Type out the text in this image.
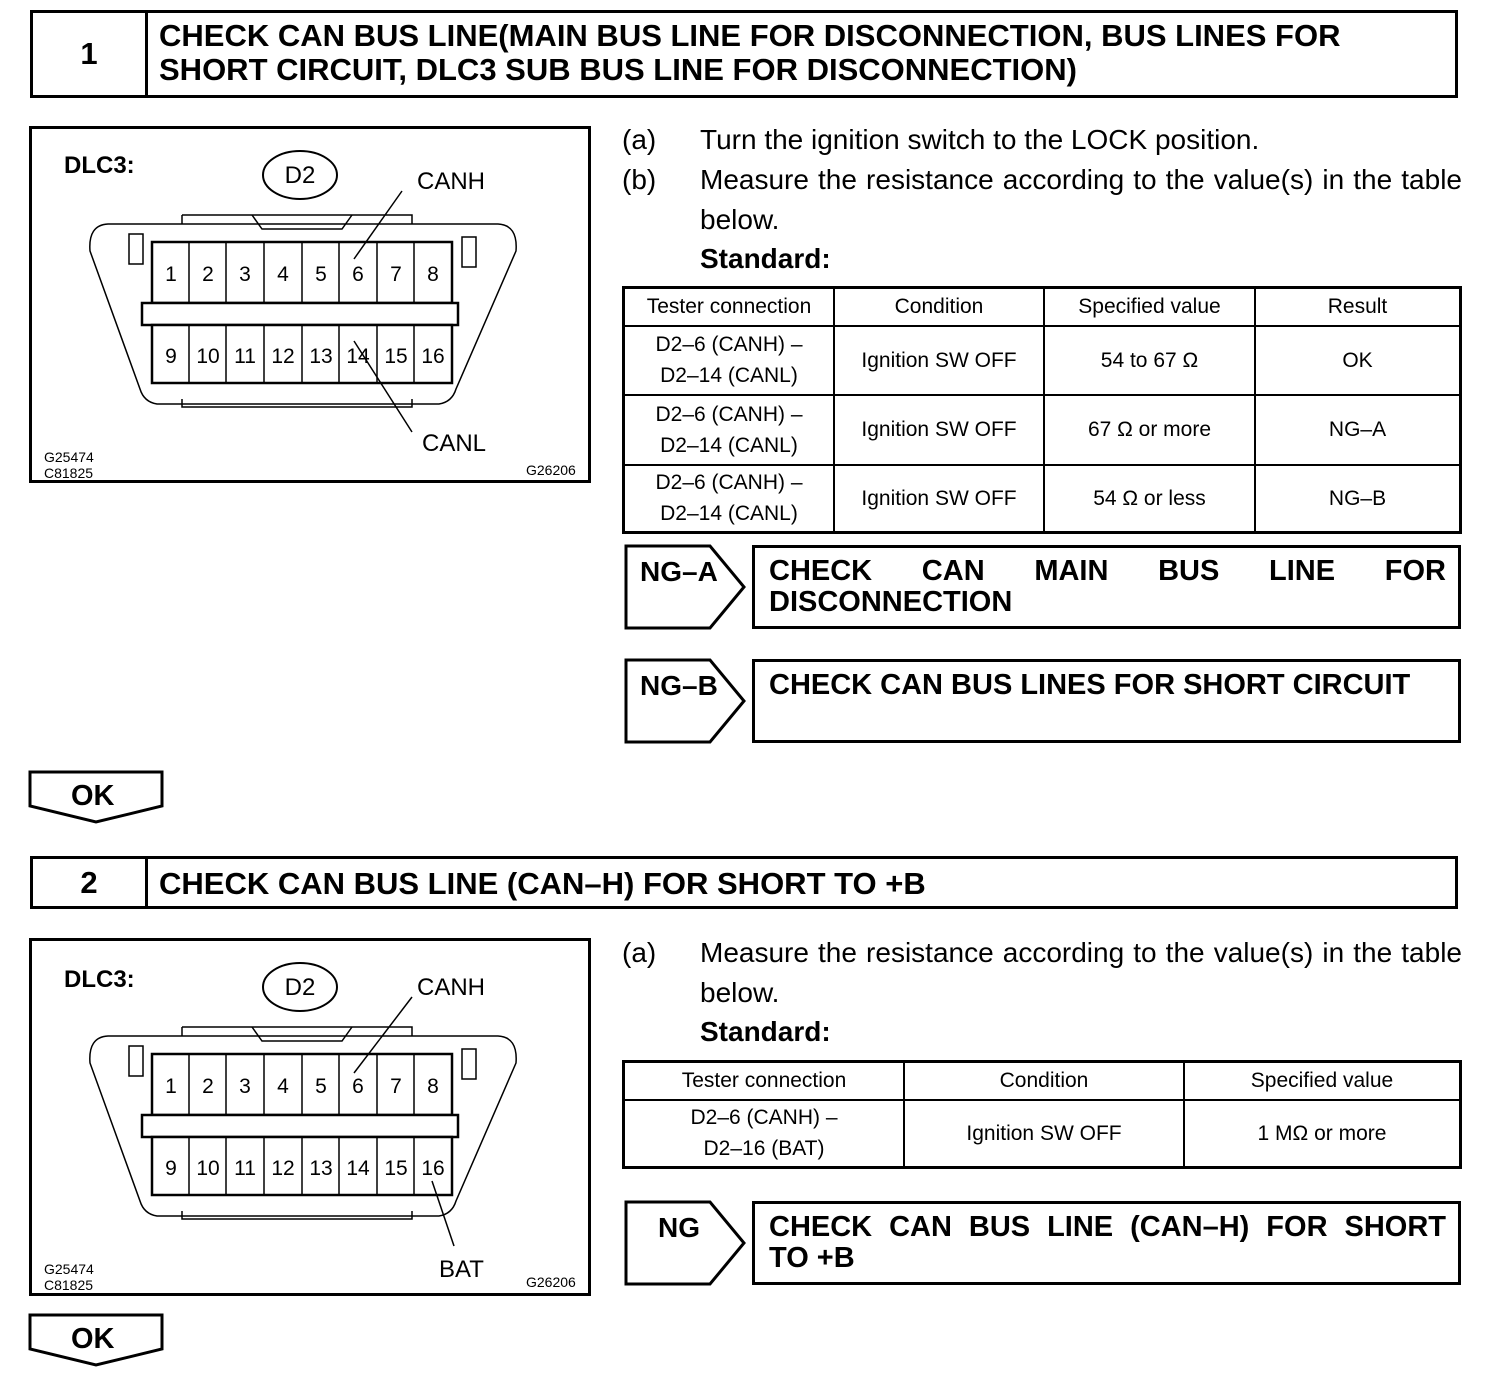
1
CHECK CAN BUS LINE(MAIN BUS LINE FOR DISCONNECTION, BUS LINES FOR
SHORT CIRCUIT, DLC3 SUB BUS LINE FOR DISCONNECTION)
DLC3:	D2	CANH
1 2 3 4 5 6 7 8
9 10 11 12 13 14 15 16
CANL
G25474
C81825	G26206
(a) Turn the ignition switch to the LOCK position.
(b) Measure the resistance according to the value(s) in the table below.
Standard:
Tester connection	Condition	Specified value	Result

D2–6 (CANH) –
D2–14 (CANL)	Ignition SW OFF	54 to 67 Ω	OK

D2–6 (CANH) –
D2–14 (CANL)	Ignition SW OFF	67 Ω or more	NG–A

D2–6 (CANH) –
D2–14 (CANL)	Ignition SW OFF	54 Ω or less	NG–B
NG–A CHECK CAN MAIN BUS LINE FOR
DISCONNECTION
NG–B CHECK CAN BUS LINES FOR SHORT CIRCUIT
OK
2	CHECK CAN BUS LINE (CAN–H) FOR SHORT TO +B
DLC3:	D2	CANH
1 2 3 4 5 6 7 8
9 10 11 12 13 14 15 16
BAT
G25474
C81825	G26206
(a) Measure the resistance according to the value(s) in the table below.
Standard:
Tester connection	Condition	Specified value

D2–6 (CANH) –
D2–16 (BAT)	Ignition SW OFF	1 MΩ or more
NG CHECK CAN BUS LINE (CAN–H) FOR SHORT
TO +B
OK
